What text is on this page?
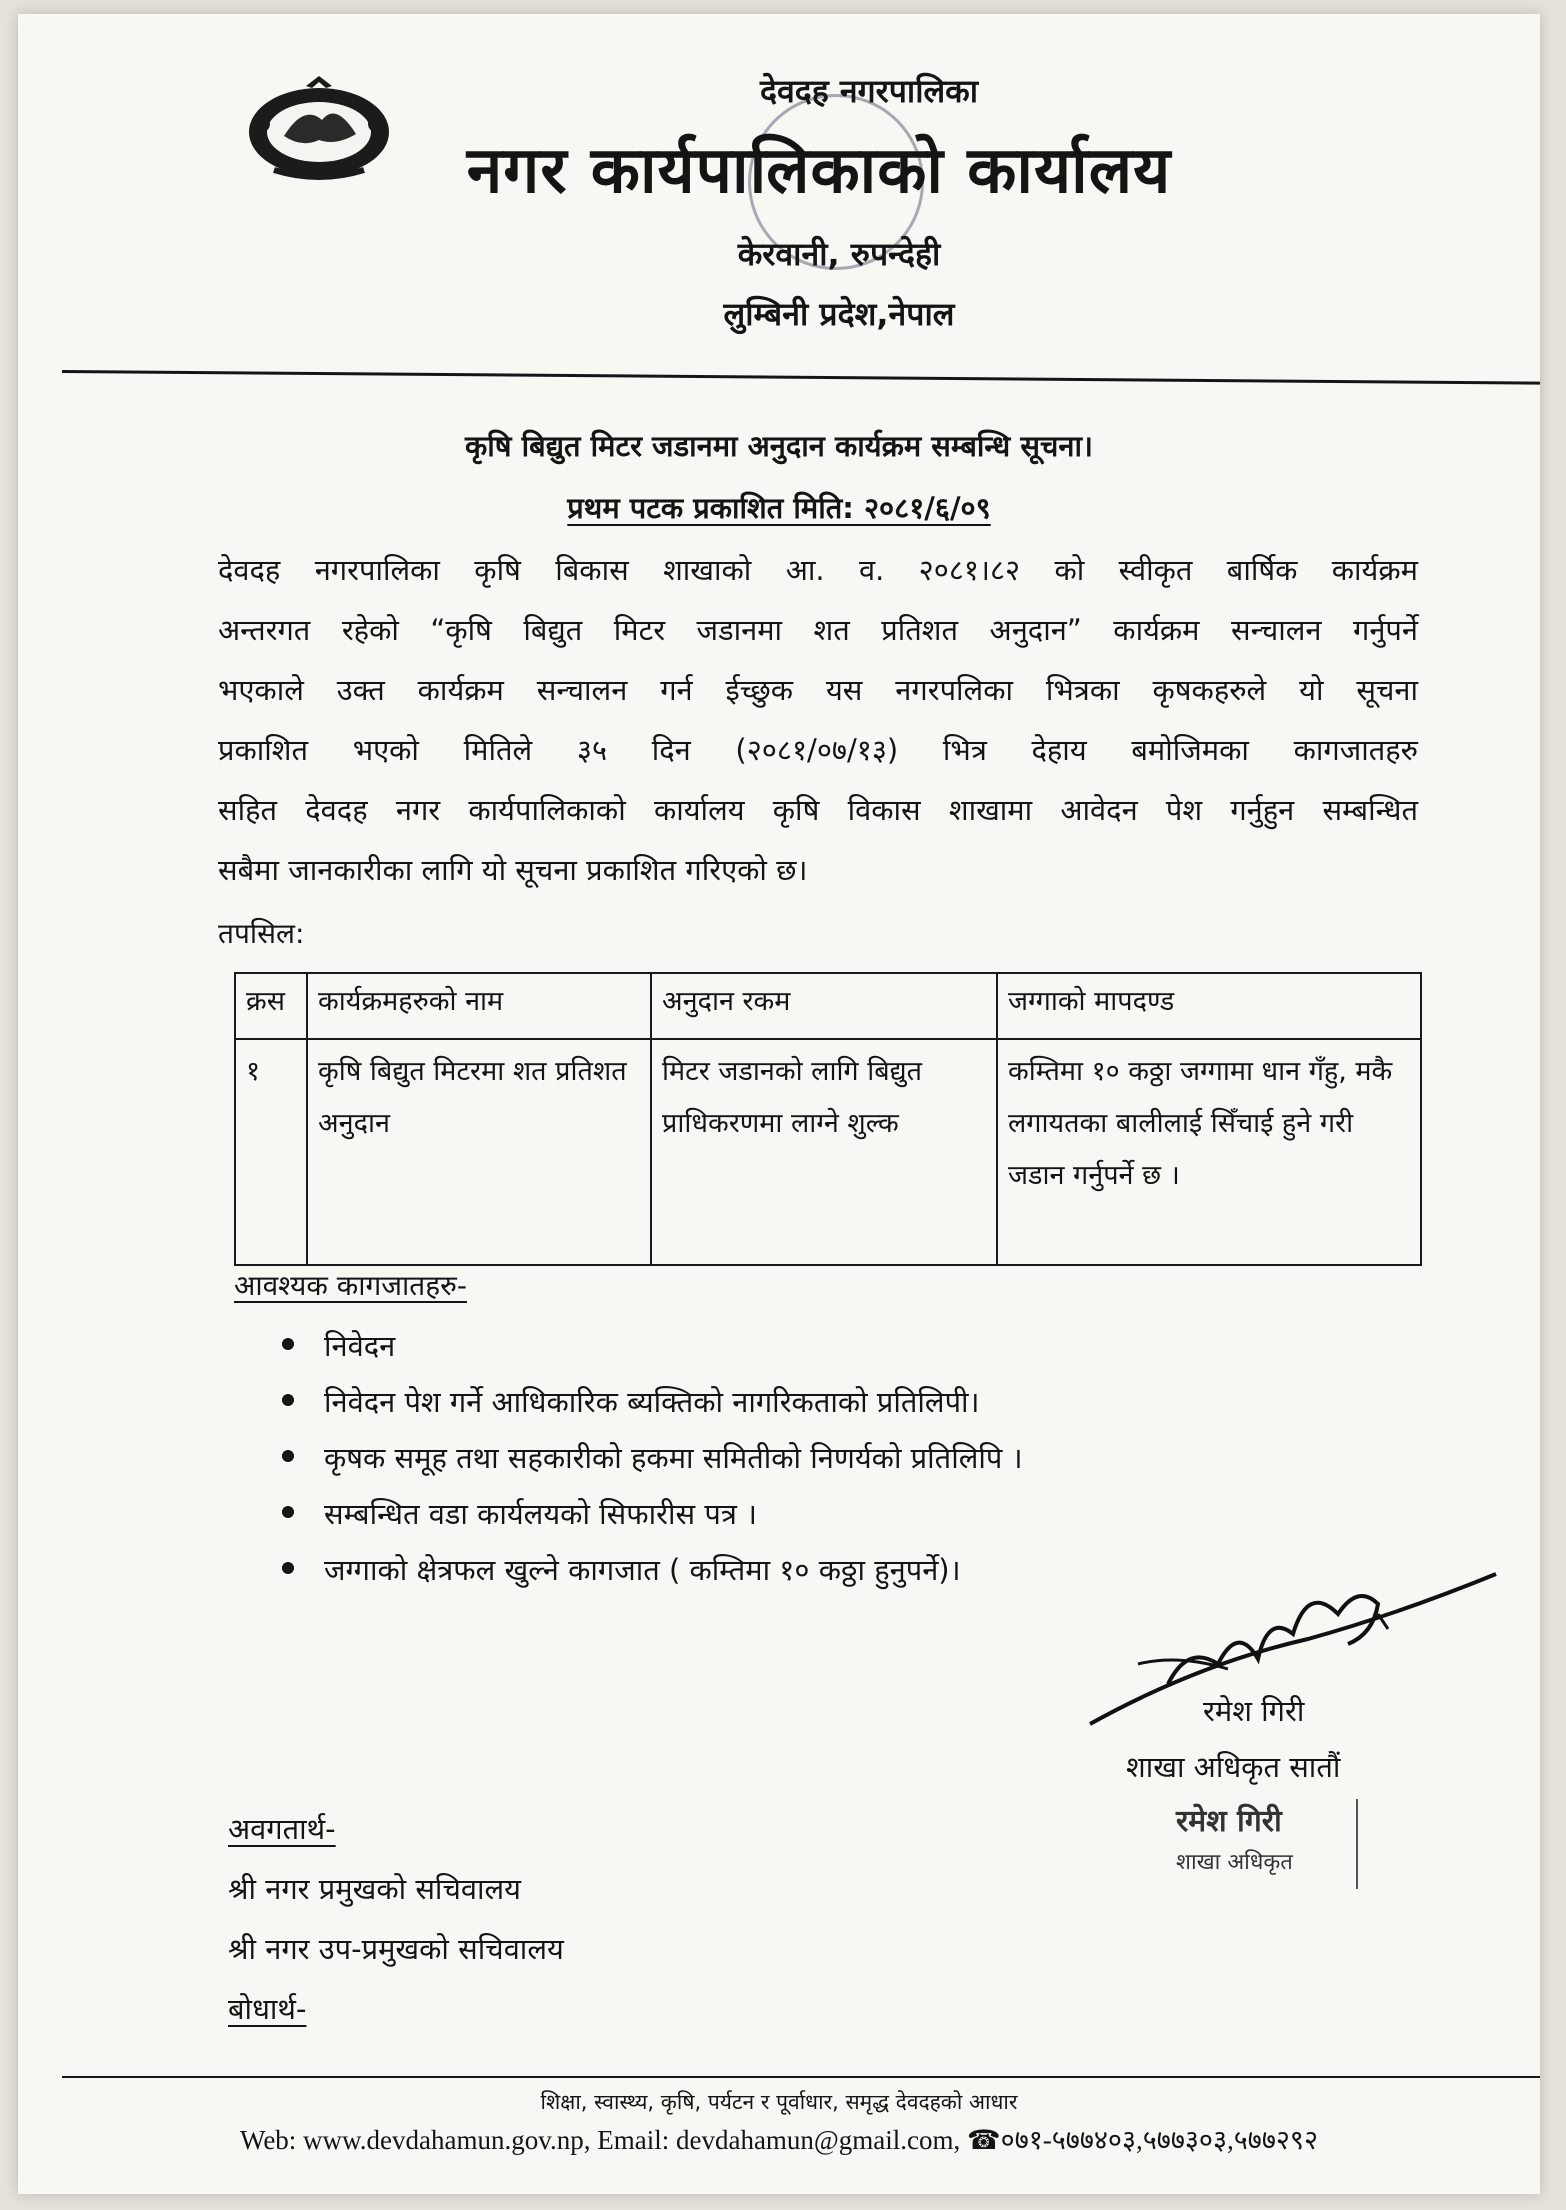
देवदह नगरपालिका
नगर कार्यपालिकाको कार्यालय
केरवानी, रुपन्देही
लुम्बिनी प्रदेश,नेपाल
कृषि बिद्युत मिटर जडानमा अनुदान कार्यक्रम सम्बन्धि सूचना।
प्रथम पटक प्रकाशित मिति: २०८१/६/०९
देवदह नगरपालिका कृषि बिकास शाखाको आ. व. २०८१।८२ को स्वीकृत बार्षिक कार्यक्रम
अन्तरगत रहेको “कृषि बिद्युत मिटर जडानमा शत प्रतिशत अनुदान” कार्यक्रम सन्चालन गर्नुपर्ने
भएकाले उक्त कार्यक्रम सन्चालन गर्न ईच्छुक यस नगरपलिका भित्रका कृषकहरुले यो सूचना
प्रकाशित भएको मितिले ३५ दिन (२०८१/०७/१३) भित्र देहाय बमोजिमका कागजातहरु
सहित देवदह नगर कार्यपालिकाको कार्यालय कृषि विकास शाखामा आवेदन पेश गर्नुहुन सम्बन्धित
सबैमा जानकारीका लागि यो सूचना प्रकाशित गरिएको छ।
तपसिल:
क्रस	कार्यक्रमहरुको नाम	अनुदान रकम	जग्गाको मापदण्ड
१	कृषि बिद्युत मिटरमा शत प्रतिशत अनुदान	मिटर जडानको लागि बिद्युत प्राधिकरणमा लाग्ने शुल्क	कम्तिमा १० कठ्ठा जग्गामा धान गँहु, मकै लगायतका बालीलाई सिँचाई हुने गरी जडान गर्नुपर्ने छ ।
आवश्यक कागजातहरु-
निवेदन
निवेदन पेश गर्ने आधिकारिक ब्यक्तिको नागरिकताको प्रतिलिपी।
कृषक समूह तथा सहकारीको हकमा समितीको निणर्यको प्रतिलिपि ।
सम्बन्धित वडा कार्यलयको सिफारीस पत्र ।
जग्गाको क्षेत्रफल खुल्ने कागजात ( कम्तिमा १० कठ्ठा हुनुपर्ने)।
रमेश गिरी
शाखा अधिकृत सातौं
रमेश गिरी
शाखा अधिकृत
अवगतार्थ-
श्री नगर प्रमुखको सचिवालय
श्री नगर उप-प्रमुखको सचिवालय
बोधार्थ-
शिक्षा, स्वास्थ्य, कृषि, पर्यटन र पूर्वाधार, समृद्ध देवदहको आधार
Web: www.devdahamun.gov.np, Email: devdahamun@gmail.com, ☎०७१-५७७४०३,५७७३०३,५७७२९२
